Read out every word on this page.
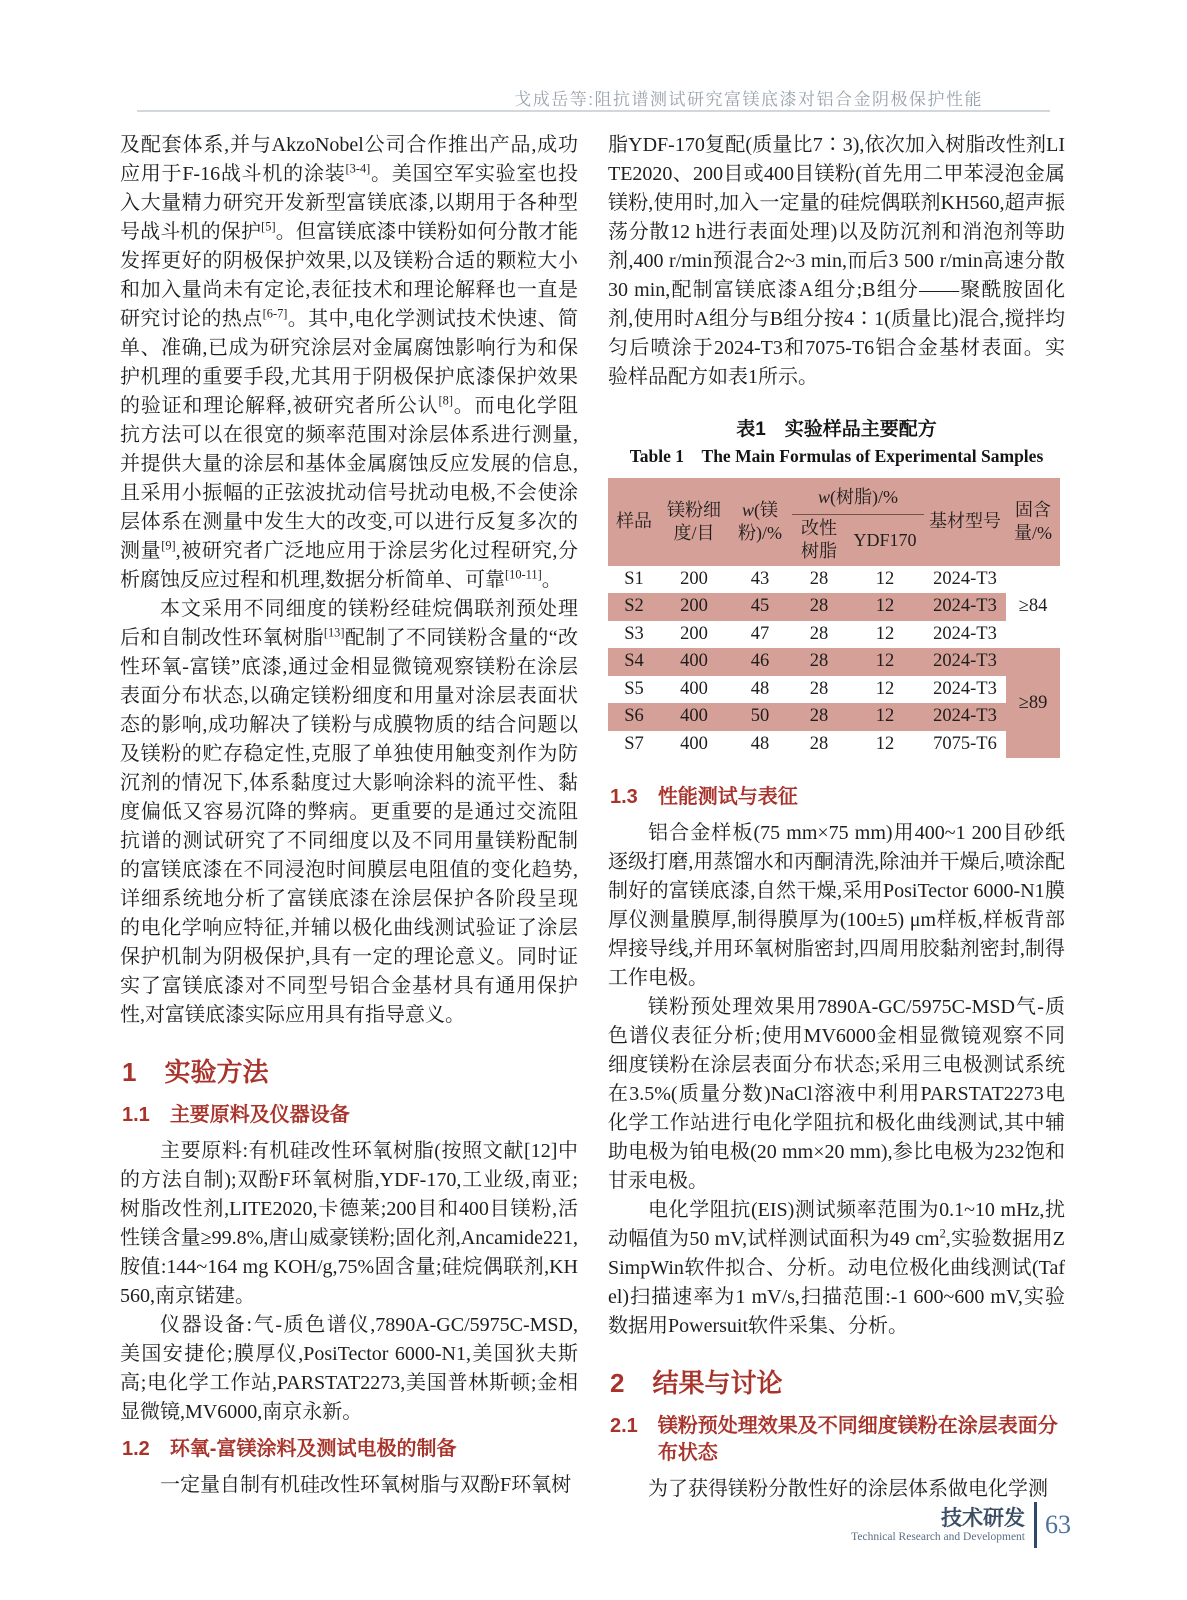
戈成岳等:阻抗谱测试研究富镁底漆对铝合金阴极保护性能

及配套体系,并与AkzoNobel公司合作推出产品,成功应用于F-16战斗机的涂装[3-4]。美国空军实验室也投入大量精力研究开发新型富镁底漆,以期用于各种型号战斗机的保护[5]。但富镁底漆中镁粉如何分散才能发挥更好的阴极保护效果,以及镁粉合适的颗粒大小和加入量尚未有定论,表征技术和理论解释也一直是研究讨论的热点[6-7]。其中,电化学测试技术快速、简单、准确,已成为研究涂层对金属腐蚀影响行为和保护机理的重要手段,尤其用于阴极保护底漆保护效果的验证和理论解释,被研究者所公认[8]。而电化学阻抗方法可以在很宽的频率范围对涂层体系进行测量,并提供大量的涂层和基体金属腐蚀反应发展的信息,且采用小振幅的正弦波扰动信号扰动电极,不会使涂层体系在测量中发生大的改变,可以进行反复多次的测量[9],被研究者广泛地应用于涂层劣化过程研究,分析腐蚀反应过程和机理,数据分析简单、可靠[10-11]。

本文采用不同细度的镁粉经硅烷偶联剂预处理后和自制改性环氧树脂[13]配制了不同镁粉含量的“改性环氧-富镁”底漆,通过金相显微镜观察镁粉在涂层表面分布状态,以确定镁粉细度和用量对涂层表面状态的影响,成功解决了镁粉与成膜物质的结合问题以及镁粉的贮存稳定性,克服了单独使用触变剂作为防沉剂的情况下,体系黏度过大影响涂料的流平性、黏度偏低又容易沉降的弊病。更重要的是通过交流阻抗谱的测试研究了不同细度以及不同用量镁粉配制的富镁底漆在不同浸泡时间膜层电阻值的变化趋势,详细系统地分析了富镁底漆在涂层保护各阶段呈现的电化学响应特征,并辅以极化曲线测试验证了涂层保护机制为阴极保护,具有一定的理论意义。同时证实了富镁底漆对不同型号铝合金基材具有通用保护性,对富镁底漆实际应用具有指导意义。

1 实验方法
1.1 主要原料及仪器设备

主要原料:有机硅改性环氧树脂(按照文献[12]中的方法自制);双酚F环氧树脂,YDF-170,工业级,南亚;树脂改性剂,LITE2020,卡德莱;200目和400目镁粉,活性镁含量≥99.8%,唐山威豪镁粉;固化剂,Ancamide221,胺值:144~164 mg KOH/g,75%固含量;硅烷偶联剂,KH560,南京锘建。

仪器设备:气-质色谱仪,7890A-GC/5975C-MSD,美国安捷伦;膜厚仪,PosiTector 6000-N1,美国狄夫斯高;电化学工作站,PARSTAT2273,美国普林斯顿;金相显微镜,MV6000,南京永新。

1.2 环氧-富镁涂料及测试电极的制备

一定量自制有机硅改性环氧树脂与双酚F环氧树

脂YDF-170复配(质量比7∶3),依次加入树脂改性剂LITE2020、200目或400目镁粉(首先用二甲苯浸泡金属镁粉,使用时,加入一定量的硅烷偶联剂KH560,超声振荡分散12 h进行表面处理)以及防沉剂和消泡剂等助剂,400 r/min预混合2~3 min,而后3 500 r/min高速分散30 min,配制富镁底漆A组分;B组分——聚酰胺固化剂,使用时A组分与B组分按4∶1(质量比)混合,搅拌均匀后喷涂于2024-T3和7075-T6铝合金基材表面。实验样品配方如表1所示。

表1　实验样品主要配方
Table 1　The Main Formulas of Experimental Samples
样品	镁粉细度/目	w(镁粉)/%	w(树脂)/%		基材型号	固含量/%
			改性树脂	YDF170		
S1	200	43	28	12	2024-T3	≥84
S2	200	45	28	12	2024-T3	
S3	200	47	28	12	2024-T3	
S4	400	46	28	12	2024-T3	≥89
S5	400	48	28	12	2024-T3	
S6	400	50	28	12	2024-T3	
S7	400	48	28	12	7075-T6	
1.3 性能测试与表征

铝合金样板(75 mm×75 mm)用400~1 200目砂纸逐级打磨,用蒸馏水和丙酮清洗,除油并干燥后,喷涂配制好的富镁底漆,自然干燥,采用PosiTector 6000-N1膜厚仪测量膜厚,制得膜厚为(100±5) μm样板,样板背部焊接导线,并用环氧树脂密封,四周用胶黏剂密封,制得工作电极。

镁粉预处理效果用7890A-GC/5975C-MSD气-质色谱仪表征分析;使用MV6000金相显微镜观察不同细度镁粉在涂层表面分布状态;采用三电极测试系统在3.5%(质量分数)NaCl溶液中利用PARSTAT2273电化学工作站进行电化学阻抗和极化曲线测试,其中辅助电极为铂电极(20 mm×20 mm),参比电极为232饱和甘汞电极。

电化学阻抗(EIS)测试频率范围为0.1~10 mHz,扰动幅值为50 mV,试样测试面积为49 $cm^2$,实验数据用ZSimpWin软件拟合、分析。动电位极化曲线测试(Tafel)扫描速率为1 mV/s,扫描范围:-1 600~600 mV,实验数据用Powersuit软件采集、分析。

2 结果与讨论
2.1 镁粉预处理效果及不同细度镁粉在涂层表面分布状态

为了获得镁粉分散性好的涂层体系做电化学测

技术研发
Technical Research and Development 63
